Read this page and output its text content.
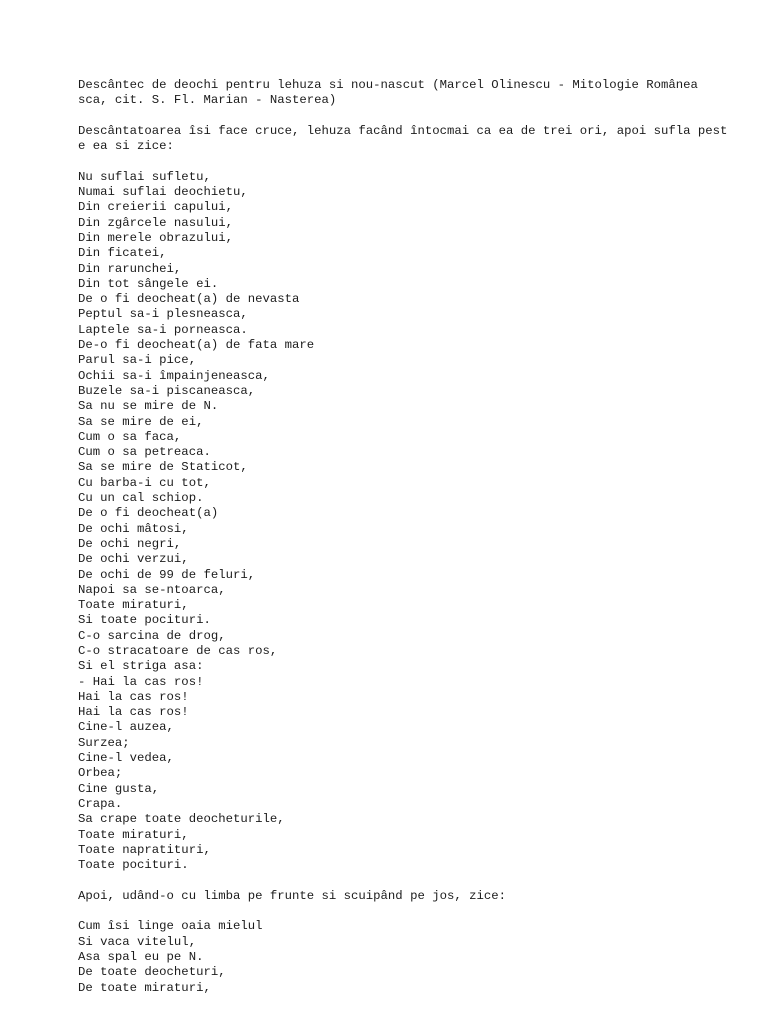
Descântec de deochi pentru lehuza si nou-nascut (Marcel Olinescu - Mitologie Românea
sca, cit. S. Fl. Marian - Nasterea)
Descântatoarea îsi face cruce, lehuza facând întocmai ca ea de trei ori, apoi sufla pest
e ea si zice:
Nu suflai sufletu,
Numai suflai deochietu,
Din creierii capului,
Din zgârcele nasului,
Din merele obrazului,
Din ficatei,
Din rarunchei,
Din tot sângele ei.
De o fi deocheat(a) de nevasta
Peptul sa-i plesneasca,
Laptele sa-i porneasca.
De-o fi deocheat(a) de fata mare
Parul sa-i pice,
Ochii sa-i împainjeneasca,
Buzele sa-i piscaneasca,
Sa nu se mire de N.
Sa se mire de ei,
Cum o sa faca,
Cum o sa petreaca.
Sa se mire de Staticot,
Cu barba-i cu tot,
Cu un cal schiop.
De o fi deocheat(a)
De ochi mâtosi,
De ochi negri,
De ochi verzui,
De ochi de 99 de feluri,
Napoi sa se-ntoarca,
Toate miraturi,
Si toate pocituri.
C-o sarcina de drog,
C-o stracatoare de cas ros,
Si el striga asa:
- Hai la cas ros!
Hai la cas ros!
Hai la cas ros!
Cine-l auzea,
Surzea;
Cine-l vedea,
Orbea;
Cine gusta,
Crapa.
Sa crape toate deocheturile,
Toate miraturi,
Toate napratituri,
Toate pocituri.
Apoi, udând-o cu limba pe frunte si scuipând pe jos, zice:
Cum îsi linge oaia mielul
Si vaca vitelul,
Asa spal eu pe N.
De toate deocheturi,
De toate miraturi,
